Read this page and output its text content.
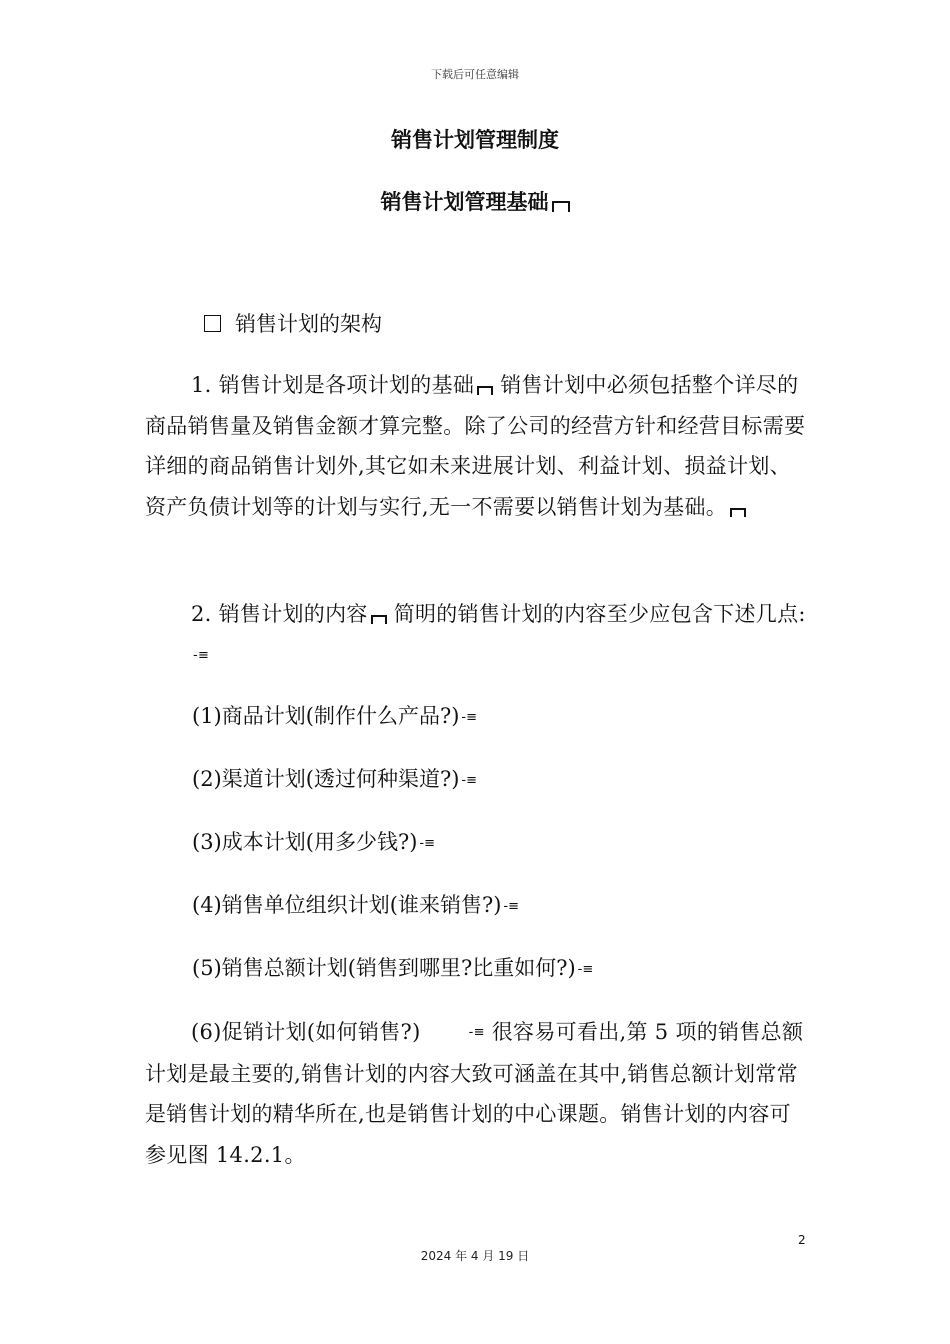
下载后可任意编辑
销售计划管理制度
销售计划管理基础
销售计划的架构
1. 销售计划是各项计划的基础 销售计划中必须包括整个详尽的商品销售量及销售金额才算完整。除了公司的经营方针和经营目标需要详细的商品销售计划外,其它如未来进展计划、利益计划、损益计划、资产负债计划等的计划与实行,无一不需要以销售计划为基础。
2. 销售计划的内容 简明的销售计划的内容至少应包含下述几点:-≡
(1)商品计划(制作什么产品?) -≡
(2)渠道计划(透过何种渠道?) -≡
(3)成本计划(用多少钱?) -≡
(4)销售单位组织计划(谁来销售?) -≡
(5)销售总额计划(销售到哪里?比重如何?) -≡
(6)促销计划(如何销售?)	-≡ 很容易可看出,第 5 项的销售总额计划是最主要的,销售计划的内容大致可涵盖在其中,销售总额计划常常是销售计划的精华所在,也是销售计划的中心课题。销售计划的内容可参见图 14.2.1。
2
2024 年 4 月 19 日
